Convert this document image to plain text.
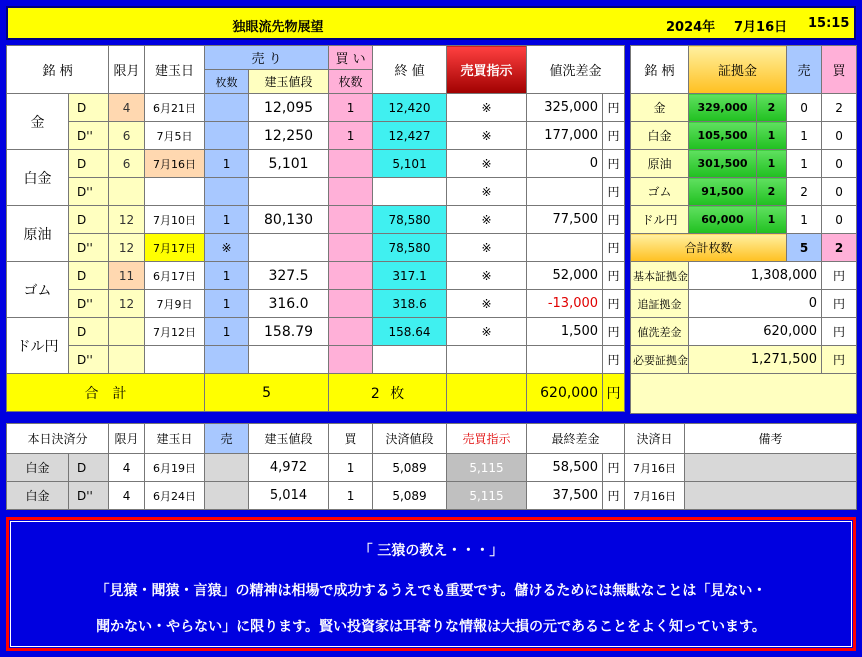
独眼流先物展望	2024年 7月16日 15:15
銘 柄		限月	建玉日	売 り		買 い	終 値	売買指示	値洗差金	
				枚数	建玉値段	枚数				
金	D	4	6月21日		12,095	1	12,420	※	325,000	円
	D''	6	7月5日		12,250	1	12,427	※	177,000	円
白金	D	6	7月16日	1	5,101		5,101	※	0	円
	D''							※		円
原油	D	12	7月10日	1	80,130		78,580	※	77,500	円
	D''	12	7月17日	※			78,580	※		円
ゴム	D	11	6月17日	1	327.5		317.1	※	52,000	円
	D''	12	7月9日	1	316.0		318.6	※	-13,000	円
ドル円	D		7月12日	1	158.79		158.64	※	1,500	円
	D''									円
合　計				5		2 枚			620,000	円
銘 柄	証拠金		売	買
金	329,000	2	0	2
白金	105,500	1	1	0
原油	301,500	1	1	0
ゴム	91,500	2	2	0
ドル円	60,000	1	1	0
合計枚数			5	2
基本証拠金	1,308,000			円
追証拠金	0			円
値洗差金	620,000			円
必要証拠金	1,271,500			円

本日決済分		限月	建玉日	売	建玉値段	買	決済値段	売買指示	最終差金		決済日	備考
白金	D	4	6月19日		4,972	1	5,089	5,115	58,500	円	7月16日	
白金	D''	4	6月24日		5,014	1	5,089	5,115	37,500	円	7月16日	
「 三猿の教え・・・」
「見猿・聞猿・言猿」の精神は相場で成功するうえでも重要です。儲けるためには無駄なことは「見ない・
聞かない・やらない」に限ります。賢い投資家は耳寄りな情報は大損の元であることをよく知っています。
